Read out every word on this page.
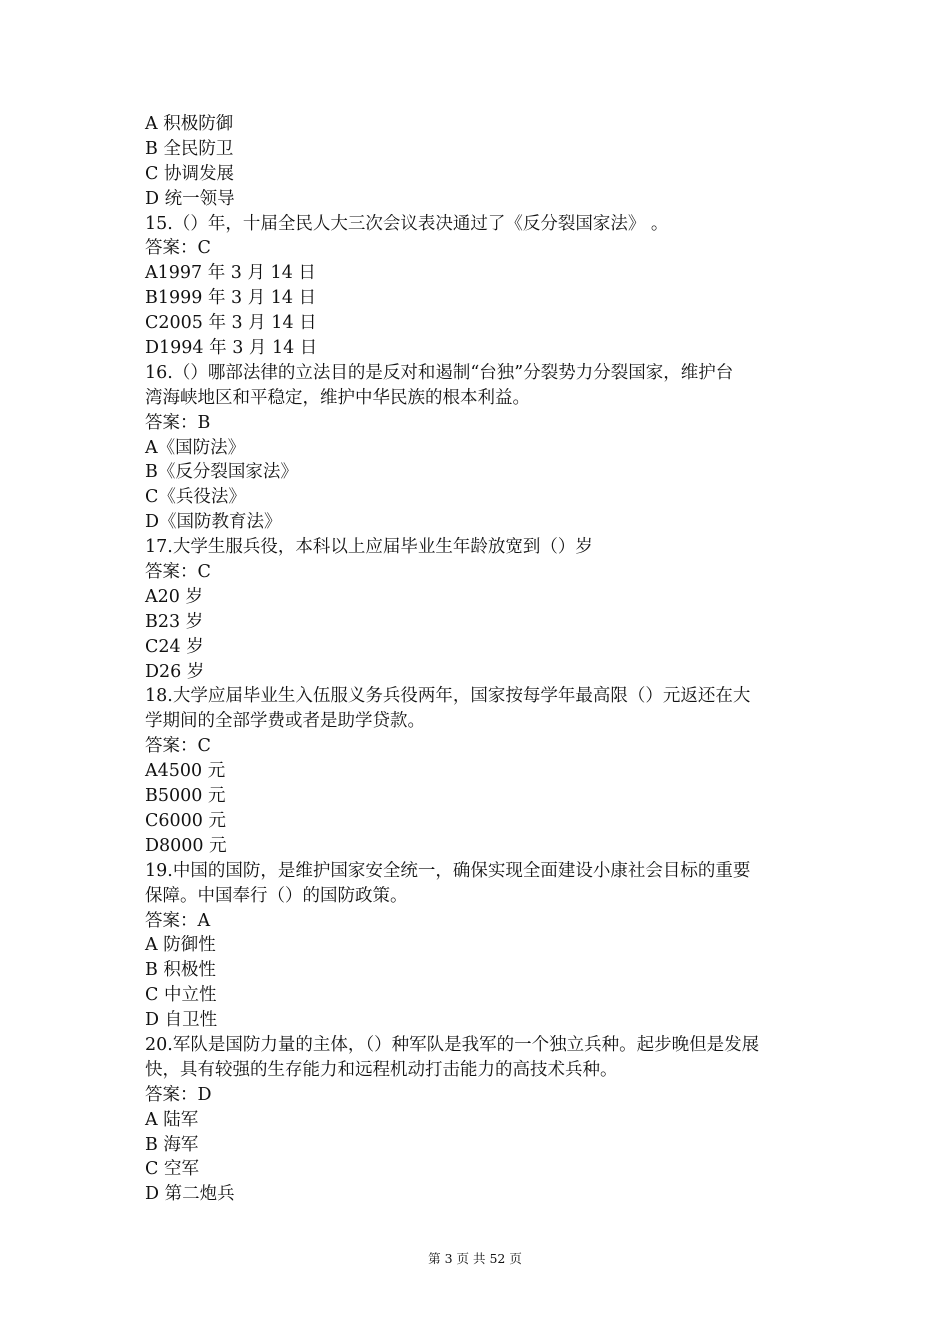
A 积极防御
B 全民防卫
C 协调发展
D 统一领导
15.（）年，十届全民人大三次会议表决通过了《反分裂国家法》 。
答案：C
A1997 年 3 月 14 日
B1999 年 3 月 14 日
C2005 年 3 月 14 日
D1994 年 3 月 14 日
16.（）哪部法律的立法目的是反对和遏制“台独”分裂势力分裂国家，维护台
湾海峡地区和平稳定，维护中华民族的根本利益。
答案：B
A《国防法》
B《反分裂国家法》
C《兵役法》
D《国防教育法》
17.大学生服兵役，本科以上应届毕业生年龄放宽到（）岁
答案：C
A20 岁
B23 岁
C24 岁
D26 岁
18.大学应届毕业生入伍服义务兵役两年，国家按每学年最高限（）元返还在大
学期间的全部学费或者是助学贷款。
答案：C
A4500 元
B5000 元
C6000 元
D8000 元
19.中国的国防，是维护国家安全统一，确保实现全面建设小康社会目标的重要
保障。中国奉行（）的国防政策。
答案：A
A 防御性
B 积极性
C 中立性
D 自卫性
20.军队是国防力量的主体，（）种军队是我军的一个独立兵种。起步晚但是发展
快，具有较强的生存能力和远程机动打击能力的高技术兵种。
答案：D
A 陆军
B 海军
C 空军
D 第二炮兵
第 3 页 共 52 页
